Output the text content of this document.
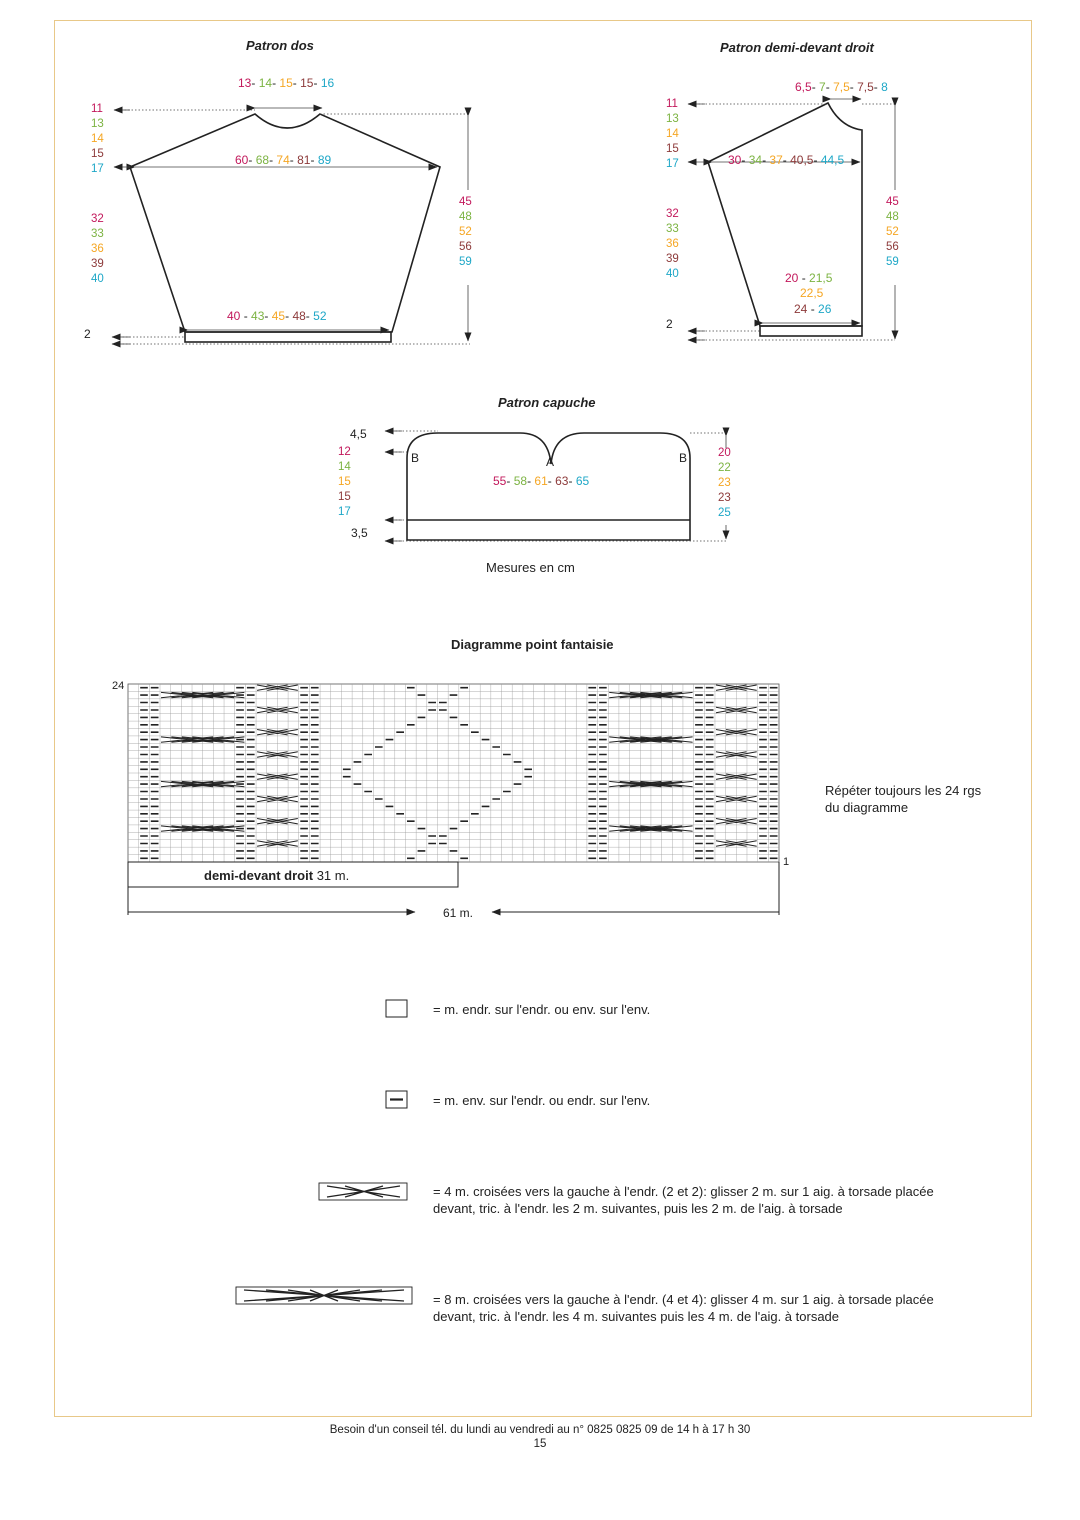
Patron dos
13- 14- 15- 15- 16
11
13
14
15
17
60- 68- 74- 81- 89
32
33
36
39
40
45
48
52
56
59
40 - 43- 45- 48- 52
2
Patron demi-devant droit
6,5- 7- 7,5- 7,5- 8
11
13
14
15
17	30- 34- 37- 40,5- 44,5
32
33
36
39
40
45
48
52
56
59
20 - 21,5
22,5
24 - 26
2
Patron capuche
4,5
12
14
15
15
17
3,5
B	B
A
55- 58- 61- 63- 65
20
22
23
23
25
Mesures en cm
Diagramme point fantaisie
24
1
demi-devant droit 31 m.
61 m.
Répéter toujours les 24 rgs du diagramme
= m. endr. sur l'endr. ou env. sur l'env.
= m. env. sur l'endr. ou endr. sur l'env.
= 4 m. croisées vers la gauche à l'endr. (2 et 2): glisser 2 m. sur 1 aig. à torsade placée devant, tric. à l'endr. les 2 m. suivantes, puis les 2 m. de l'aig. à torsade
= 8 m. croisées vers la gauche à l'endr. (4 et 4): glisser 4 m. sur 1 aig. à torsade placée devant, tric. à l'endr. les 4 m. suivantes puis les 4 m. de l'aig. à torsade
Besoin d'un conseil tél. du lundi au vendredi au n° 0825 0825 09 de 14 h à 17 h 30
15
